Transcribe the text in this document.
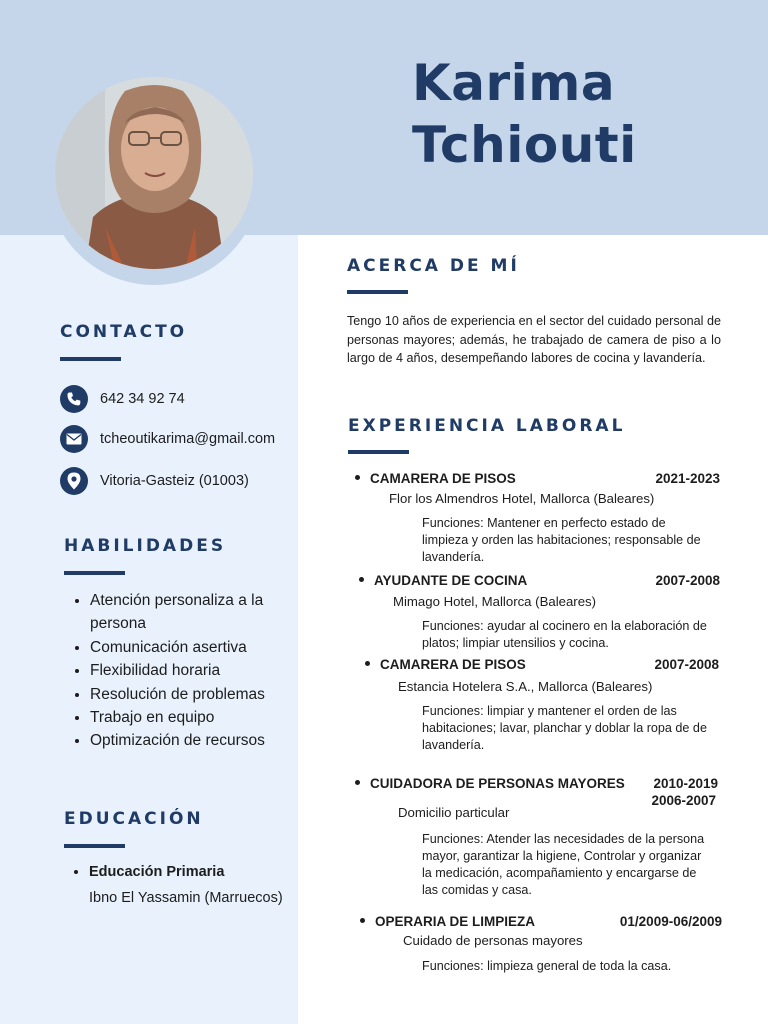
Karima
Tchiouti
CONTACTO
642 34 92 74
tcheoutikarima@gmail.com
Vitoria-Gasteiz (01003)
HABILIDADES
• Atención personaliza a la persona
• Comunicación asertiva
• Flexibilidad horaria
• Resolución de problemas
• Trabajo en equipo
• Optimización de recursos
EDUCACIÓN
• Educación Primaria
Ibno El Yassamin (Marruecos)
ACERCA DE MÍ

Tengo 10 años de experiencia en el sector del cuidado personal de personas mayores; además, he trabajado de camera de piso a lo largo de 4 años, desempeñando labores de cocina y lavandería.

EXPERIENCIA LABORAL
CAMARERA DE PISOS	2021-2023
Flor los Almendros Hotel, Mallorca (Baleares)

Funciones: Mantener en perfecto estado de limpieza y orden las habitaciones; responsable de lavandería.

AYUDANTE DE COCINA	2007-2008
Mimago Hotel, Mallorca (Baleares)

Funciones: ayudar al cocinero en la elaboración de platos; limpiar utensilios y cocina.

CAMARERA DE PISOS	2007-2008
Estancia Hotelera S.A., Mallorca (Baleares)

Funciones: limpiar y mantener el orden de las habitaciones; lavar, planchar y doblar la ropa de de lavandería.

CUIDADORA DE PERSONAS MAYORES 2010-2019
2006-2007
Domicilio particular

Funciones: Atender las necesidades de la persona mayor, garantizar la higiene, Controlar y organizar la medicación, acompañamiento y encargarse de las comidas y casa.

OPERARIA DE LIMPIEZA	01/2009-06/2009
Cuidado de personas mayores

Funciones: limpieza general de toda la casa.
